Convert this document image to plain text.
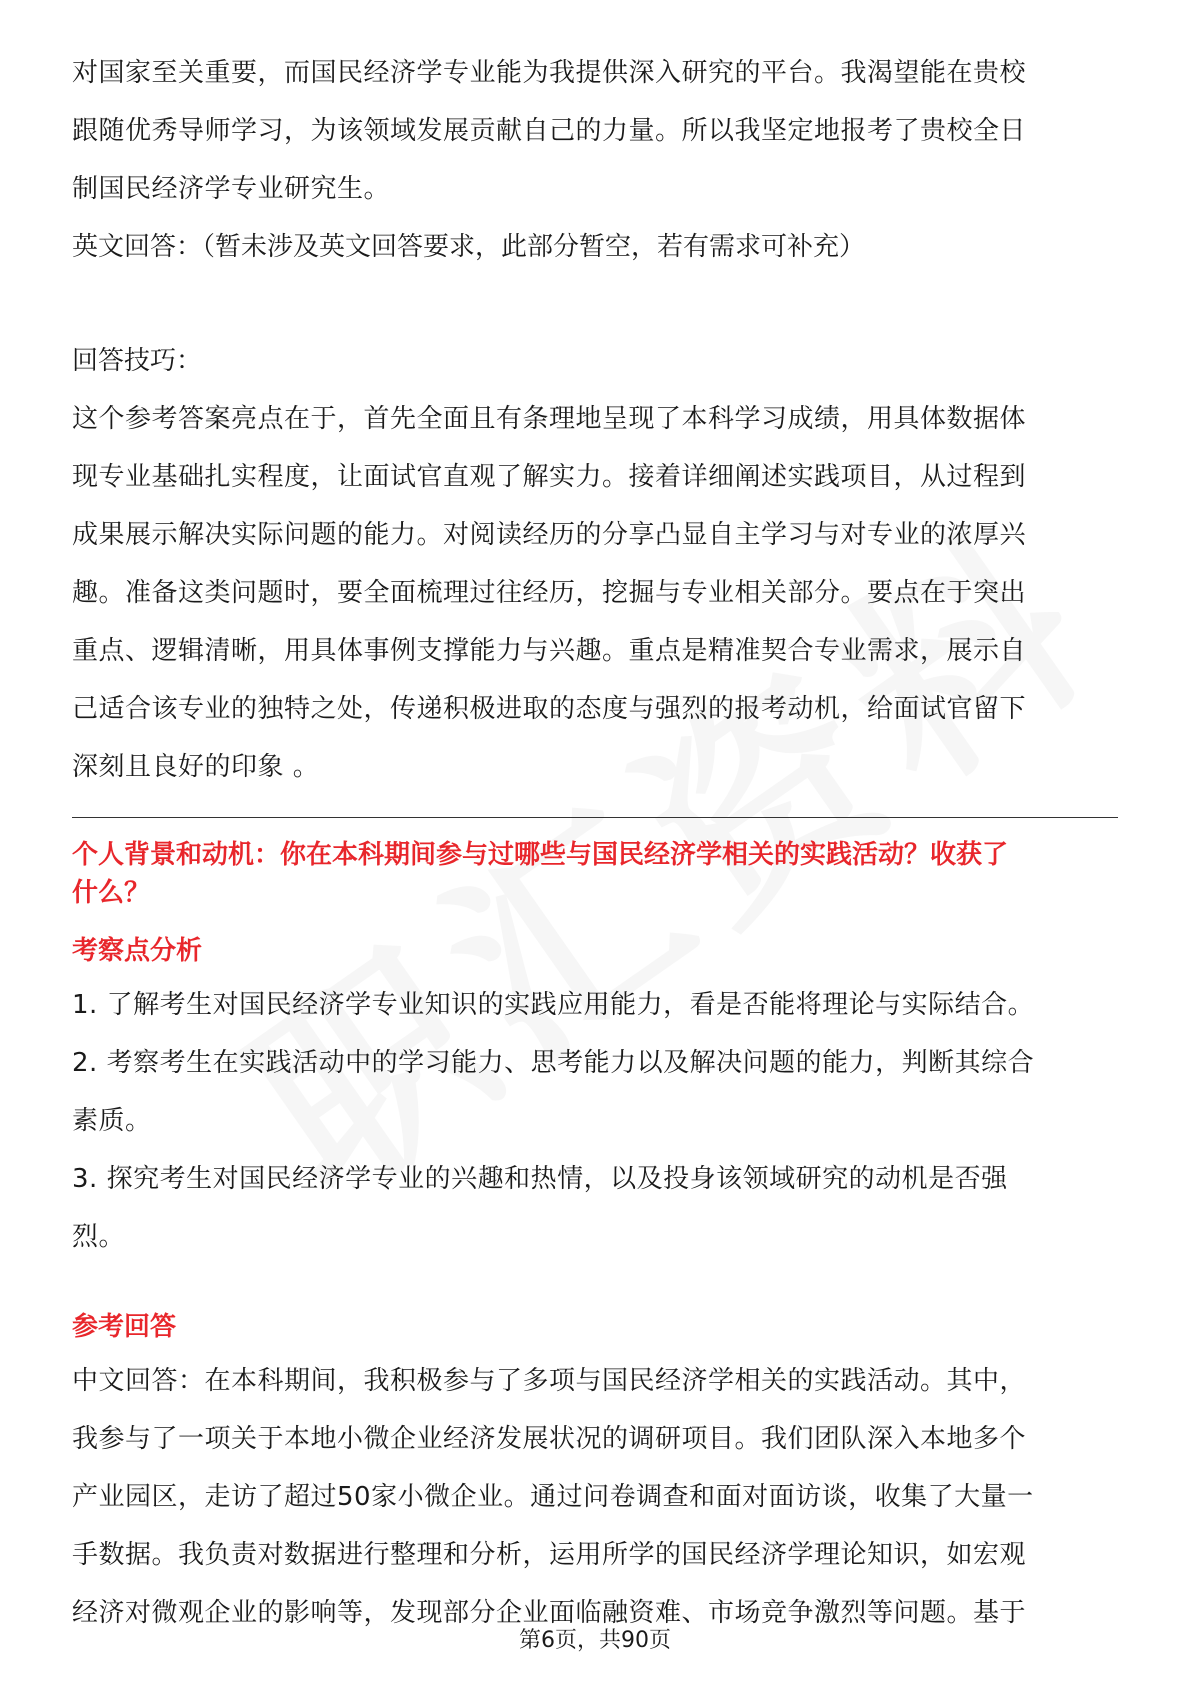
对国家至关重要，而国民经济学专业能为我提供深入研究的平台。我渴望能在贵校

跟随优秀导师学习，为该领域发展贡献自己的力量。所以我坚定地报考了贵校全日

制国民经济学专业研究生。

英文回答：（暂未涉及英文回答要求，此部分暂空，若有需求可补充）

回答技巧：

这个参考答案亮点在于，首先全面且有条理地呈现了本科学习成绩，用具体数据体

现专业基础扎实程度，让面试官直观了解实力。接着详细阐述实践项目，从过程到

成果展示解决实际问题的能力。对阅读经历的分享凸显自主学习与对专业的浓厚兴

趣。准备这类问题时，要全面梳理过往经历，挖掘与专业相关部分。要点在于突出

重点、逻辑清晰，用具体事例支撑能力与兴趣。重点是精准契合专业需求，展示自

己适合该专业的独特之处，传递积极进取的态度与强烈的报考动机，给面试官留下

深刻且良好的印象 。

个人背景和动机：你在本科期间参与过哪些与国民经济学相关的实践活动？收获了
什么？
考察点分析

1. 了解考生对国民经济学专业知识的实践应用能力，看是否能将理论与实际结合。

2. 考察考生在实践活动中的学习能力、思考能力以及解决问题的能力，判断其综合

素质。

3. 探究考生对国民经济学专业的兴趣和热情，以及投身该领域研究的动机是否强

烈。

参考回答

中文回答：在本科期间，我积极参与了多项与国民经济学相关的实践活动。其中，

我参与了一项关于本地小微企业经济发展状况的调研项目。我们团队深入本地多个

产业园区，走访了超过50家小微企业。通过问卷调查和面对面访谈，收集了大量一

手数据。我负责对数据进行整理和分析，运用所学的国民经济学理论知识，如宏观

经济对微观企业的影响等，发现部分企业面临融资难、市场竞争激烈等问题。基于

第6页，共90页
